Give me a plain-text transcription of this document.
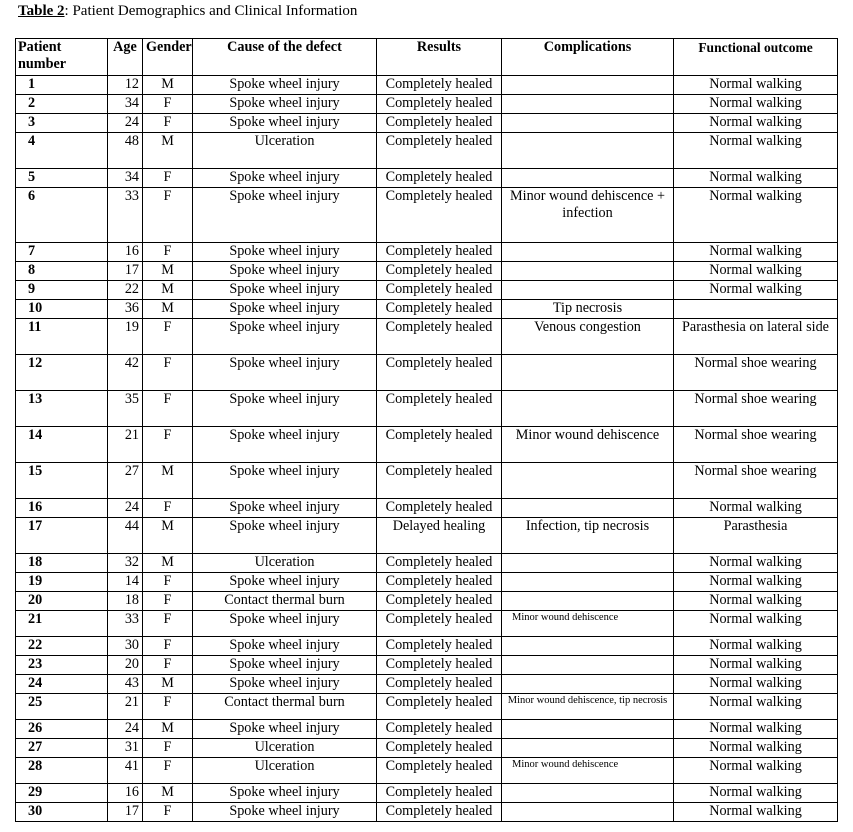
Table 2: Patient Demographics and Clinical Information
Patient number	Age	Gender	Cause of the defect	Results	Complications	Functional outcome
1	12	M	Spoke wheel injury	Completely healed		Normal walking
2	34	F	Spoke wheel injury	Completely healed		Normal walking
3	24	F	Spoke wheel injury	Completely healed		Normal walking
4	48	M	Ulceration	Completely healed		Normal walking
5	34	F	Spoke wheel injury	Completely healed		Normal walking
6	33	F	Spoke wheel injury	Completely healed	Minor wound dehiscence + infection	Normal walking
7	16	F	Spoke wheel injury	Completely healed		Normal walking
8	17	M	Spoke wheel injury	Completely healed		Normal walking
9	22	M	Spoke wheel injury	Completely healed		Normal walking
10	36	M	Spoke wheel injury	Completely healed	Tip necrosis	
11	19	F	Spoke wheel injury	Completely healed	Venous congestion	Parasthesia on lateral side
12	42	F	Spoke wheel injury	Completely healed		Normal shoe wearing
13	35	F	Spoke wheel injury	Completely healed		Normal shoe wearing
14	21	F	Spoke wheel injury	Completely healed	Minor wound dehiscence	Normal shoe wearing
15	27	M	Spoke wheel injury	Completely healed		Normal shoe wearing
16	24	F	Spoke wheel injury	Completely healed		Normal walking
17	44	M	Spoke wheel injury	Delayed healing	Infection, tip necrosis	Parasthesia
18	32	M	Ulceration	Completely healed		Normal walking
19	14	F	Spoke wheel injury	Completely healed		Normal walking
20	18	F	Contact thermal burn	Completely healed		Normal walking
21	33	F	Spoke wheel injury	Completely healed	Minor wound dehiscence	Normal walking
22	30	F	Spoke wheel injury	Completely healed		Normal walking
23	20	F	Spoke wheel injury	Completely healed		Normal walking
24	43	M	Spoke wheel injury	Completely healed		Normal walking
25	21	F	Contact thermal burn	Completely healed	Minor wound dehiscence, tip necrosis	Normal walking
26	24	M	Spoke wheel injury	Completely healed		Normal walking
27	31	F	Ulceration	Completely healed		Normal walking
28	41	F	Ulceration	Completely healed	Minor wound dehiscence	Normal walking
29	16	M	Spoke wheel injury	Completely healed		Normal walking
30	17	F	Spoke wheel injury	Completely healed		Normal walking
